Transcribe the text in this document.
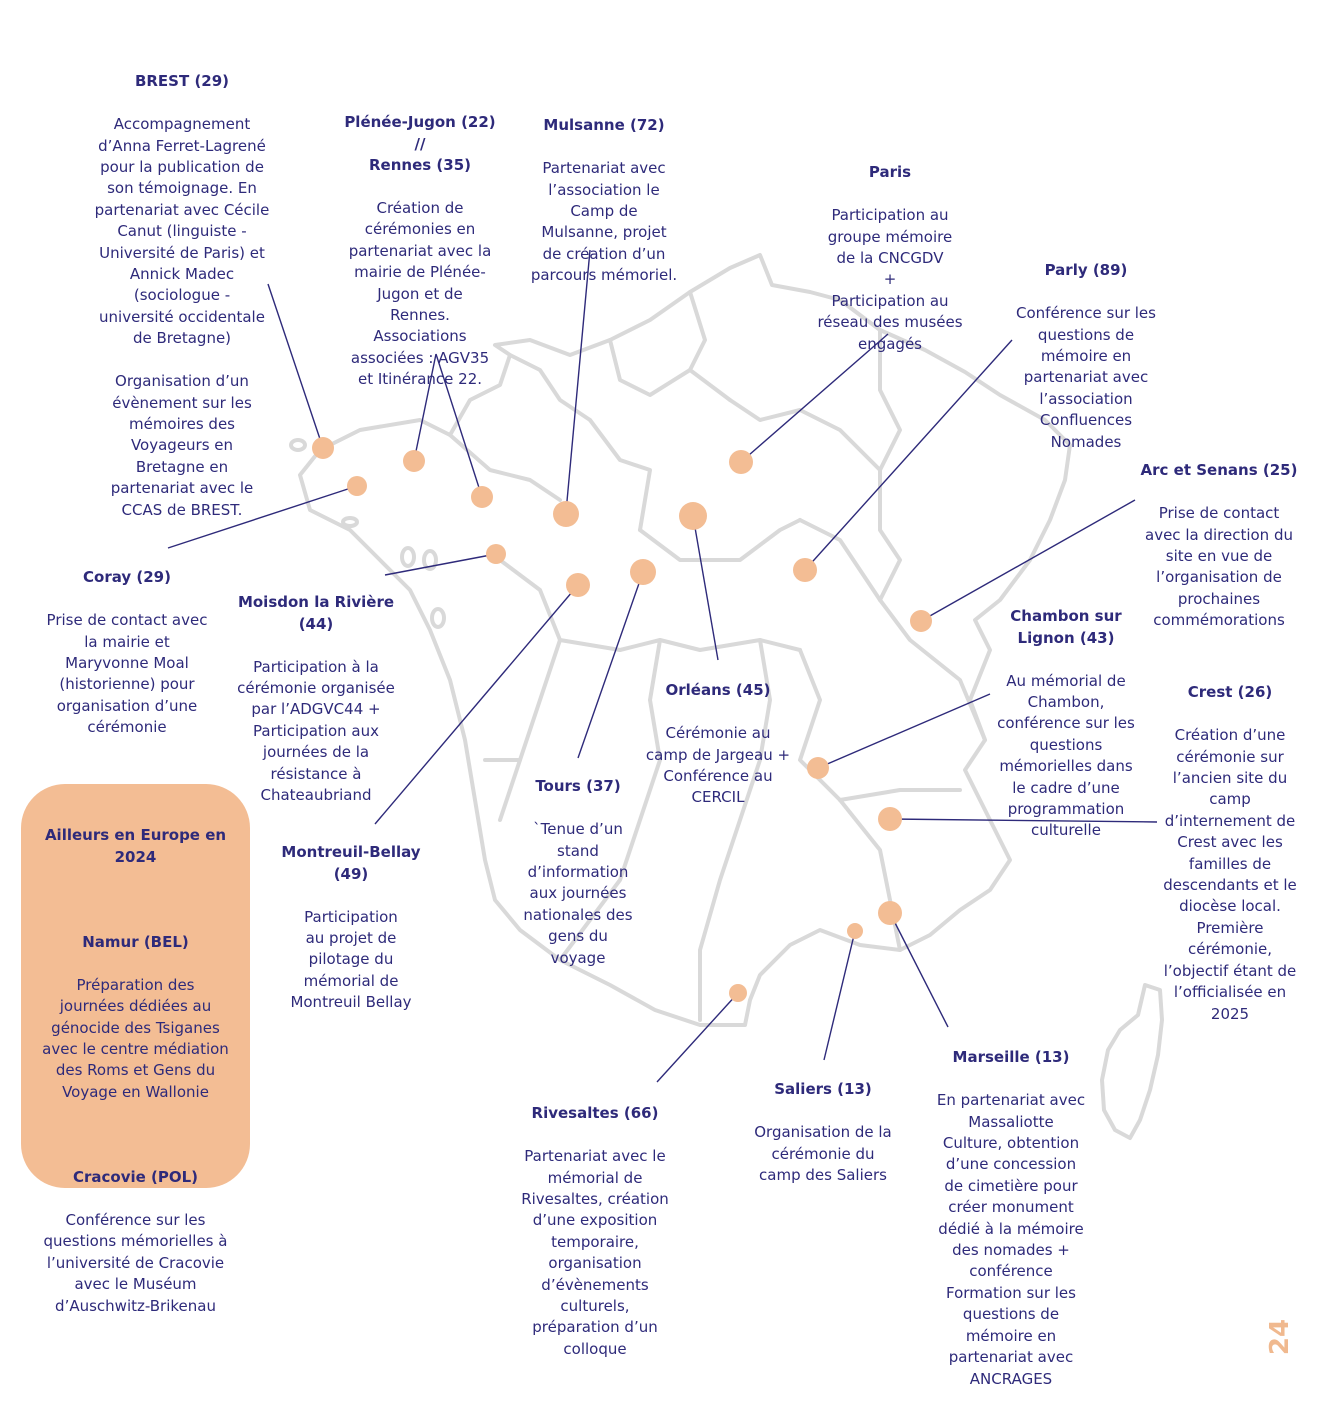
BREST (29)

Accompagnement
d’Anna Ferret-Lagrené
pour la publication de
son témoignage. En
partenariat avec Cécile
Canut (linguiste -
Université de Paris) et
Annick Madec
(sociologue -
université occidentale
de Bretagne)

Organisation d’un
évènement sur les
mémoires des
Voyageurs en
Bretagne en
partenariat avec le
CCAS de BREST.

Plénée-Jugon (22)
//
Rennes (35)

Création de
cérémonies en
partenariat avec la
mairie de Plénée-
Jugon et de
Rennes.
Associations
associées : AGV35
et Itinérance 22.

Mulsanne (72)

Partenariat avec
l’association le
Camp de
Mulsanne, projet
de création d’un
parcours mémoriel.

Paris

Participation au
groupe mémoire
de la CNCGDV
+
Participation au
réseau des musées
engagés

Parly (89)

Conférence sur les
questions de
mémoire en
partenariat avec
l’association
Confluences
Nomades

Arc et Senans (25)

Prise de contact
avec la direction du
site en vue de
l’organisation de
prochaines
commémorations

Coray (29)

Prise de contact avec
la mairie et
Maryvonne Moal
(historienne) pour
organisation d’une
cérémonie

Moisdon la Rivière
(44)

Participation à la
cérémonie organisée
par l’ADGVC44 +
Participation aux
journées de la
résistance à
Chateaubriand

Chambon sur
Lignon (43)

Au mémorial de
Chambon,
conférence sur les
questions
mémorielles dans
le cadre d’une
programmation
culturelle

Orléans (45)

Cérémonie au
camp de Jargeau +
Conférence au
CERCIL

Crest (26)

Création d’une
cérémonie sur
l’ancien site du
camp
d’internement de
Crest avec les
familles de
descendants et le
diocèse local.
Première
cérémonie,
l’objectif étant de
l’officialisée en
2025

Tours (37)

`Tenue d’un
stand
d’information
aux journées
nationales des
gens du
voyage

Montreuil-Bellay
(49)

Participation
au projet de
pilotage du
mémorial de
Montreuil Bellay

Saliers (13)

Organisation de la
cérémonie du
camp des Saliers

Rivesaltes (66)

Partenariat avec le
mémorial de
Rivesaltes, création
d’une exposition
temporaire,
organisation
d’évènements
culturels,
préparation d’un
colloque

Marseille (13)

En partenariat avec
Massaliotte
Culture, obtention
d’une concession
de cimetière pour
créer monument
dédié à la mémoire
des nomades +
conférence
Formation sur les
questions de
mémoire en
partenariat avec
ANCRAGES

Ailleurs en Europe en
2024

Namur (BEL)

Préparation des
journées dédiées au
génocide des Tsiganes
avec le centre médiation
des Roms et Gens du
Voyage en Wallonie

Cracovie (POL)

Conférence sur les
questions mémorielles à
l’université de Cracovie
avec le Muséum
d’Auschwitz-Brikenau

24
